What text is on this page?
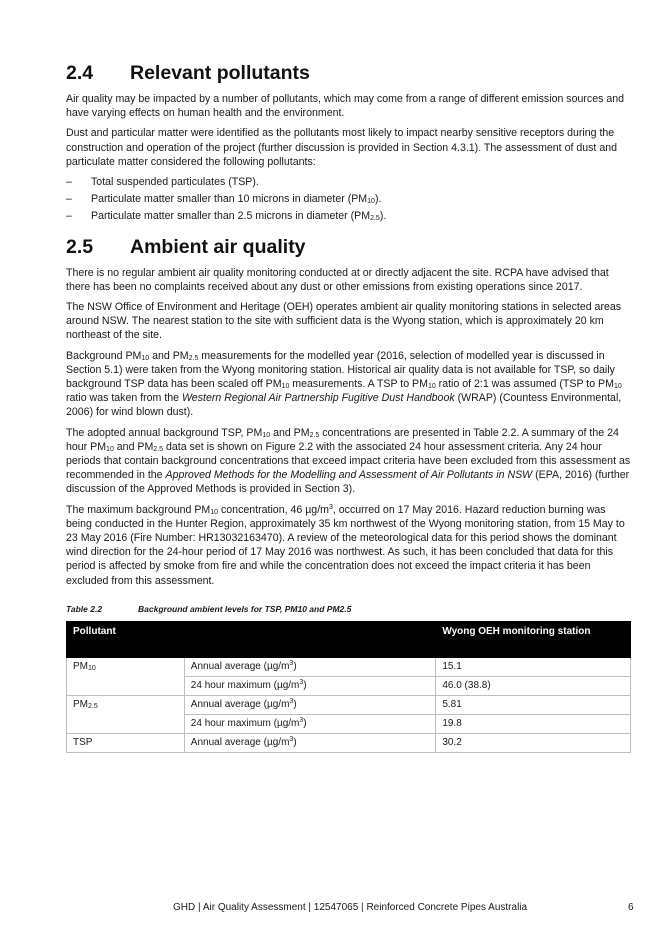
2.4	Relevant pollutants

Air quality may be impacted by a number of pollutants, which may come from a range of different emission sources and have varying effects on human health and the environment.

Dust and particular matter were identified as the pollutants most likely to impact nearby sensitive receptors during the construction and operation of the project (further discussion is provided in Section 4.3.1). The assessment of dust and particulate matter considered the following pollutants:

–	Total suspended particulates (TSP).
–	Particulate matter smaller than 10 microns in diameter $(PM_{10})$.
–	Particulate matter smaller than 2.5 microns in diameter $(PM_{2.5})$.
2.5	Ambient air quality

There is no regular ambient air quality monitoring conducted at or directly adjacent the site. RCPA have advised that there has been no complaints received about any dust or other emissions from existing operations since 2017.

The NSW Office of Environment and Heritage (OEH) operates ambient air quality monitoring stations in selected areas around NSW. The nearest station to the site with sufficient data is the Wyong station, which is approximately 20 km northeast of the site.

Background $PM_{10}$ and $PM_{2.5}$ measurements for the modelled year (2016, selection of modelled year is discussed in Section 5.1) were taken from the Wyong monitoring station. Historical air quality data is not available for TSP, so daily background TSP data has been scaled off $PM_{10}$ measurements. A TSP to $PM_{10}$ ratio of 2:1 was assumed (TSP to $PM_{10}$ ratio was taken from the Western Regional Air Partnership Fugitive Dust Handbook (WRAP) (Countess Environmental, 2006) for wind blown dust).

The adopted annual background TSP, $PM_{10}$ and $PM_{2.5}$ concentrations are presented in Table 2.2. A summary of the 24 hour $PM_{10}$ and $PM_{2.5}$ data set is shown on Figure 2.2 with the associated 24 hour assessment criteria. Any 24 hour periods that contain background concentrations that exceed impact criteria have been excluded from this assessment as recommended in the Approved Methods for the Modelling and Assessment of Air Pollutants in NSW (EPA, 2016) (further discussion of the Approved Methods is provided in Section 3).

The maximum background $PM_{10}$ concentration, 46 $\mu g/m^3$, occurred on 17 May 2016. Hazard reduction burning was being conducted in the Hunter Region, approximately 35 km northwest of the Wyong monitoring station, from 15 May to 23 May 2016 (Fire Number: HR13032163470). A review of the meteorological data for this period shows the dominant wind direction for the 24-hour period of 17 May 2016 was northwest. As such, it has been concluded that data for this period is affected by smoke from fire and while the concentration does not exceed the impact criteria it has been excluded from this assessment.

Table 2.2	Background ambient levels for TSP, PM10 and PM2.5
Pollutant		Wyong OEH monitoring station
$PM_{10}$	Annual average $(\mu g/m^3)$	15.1
	24 hour maximum $(\mu g/m^3)$	46.0 (38.8)
$PM_{2.5}$	Annual average $(\mu g/m^3)$	5.81
	24 hour maximum $(\mu g/m^3)$	19.8
TSP	Annual average $(\mu g/m^3)$	30.2
GHD | Air Quality Assessment | 12547065 | Reinforced Concrete Pipes Australia	6
